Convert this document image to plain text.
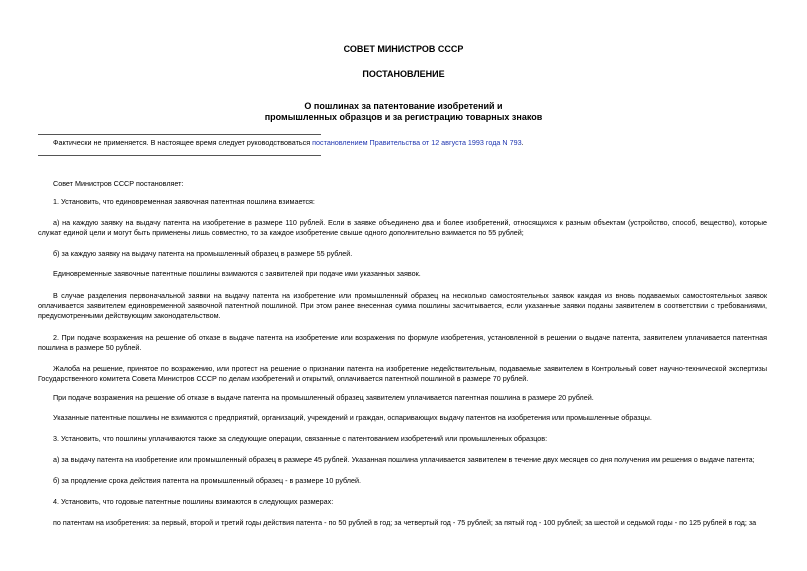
СОВЕТ МИНИСТРОВ СССР
ПОСТАНОВЛЕНИЕ
О пошлинах за патентование изобретений и
промышленных образцов и за регистрацию товарных знаков

Фактически не применяется. В настоящее время следует руководствоваться постановлением Правительства от 12 августа 1993 года N 793.

Совет Министров СССР постановляет:

1. Установить, что единовременная заявочная патентная пошлина взимается:

а) на каждую заявку на выдачу патента на изобретение в размере 110 рублей. Если в заявке объединено два и более изобретений, относящихся к разным объектам (устройство, способ, вещество), которые служат единой цели и могут быть применены лишь совместно, то за каждое изобретение свыше одного дополнительно взимается по 55 рублей;

б) за каждую заявку на выдачу патента на промышленный образец в размере 55 рублей.

Единовременные заявочные патентные пошлины взимаются с заявителей при подаче ими указанных заявок.

В случае разделения первоначальной заявки на выдачу патента на изобретение или промышленный образец на несколько самостоятельных заявок каждая из вновь подаваемых самостоятельных заявок оплачивается заявителем единовременной заявочной патентной пошлиной. При этом ранее внесенная сумма пошлины засчитывается, если указанные заявки поданы заявителем в соответствии с требованиями, предусмотренными действующим законодательством.

2. При подаче возражения на решение об отказе в выдаче патента на изобретение или возражения по формуле изобретения, установленной в решении о выдаче патента, заявителем уплачивается патентная пошлина в размере 50 рублей.

Жалоба на решение, принятое по возражению, или протест на решение о признании патента на изобретение недействительным, подаваемые заявителем в Контрольный совет научно-технической экспертизы Государственного комитета Совета Министров СССР по делам изобретений и открытий, оплачивается патентной пошлиной в размере 70 рублей.

При подаче возражения на решение об отказе в выдаче патента на промышленный образец заявителем уплачивается патентная пошлина в размере 20 рублей.

Указанные патентные пошлины не взимаются с предприятий, организаций, учреждений и граждан, оспаривающих выдачу патентов на изобретения или промышленные образцы.

3. Установить, что пошлины уплачиваются также за следующие операции, связанные с патентованием изобретений или промышленных образцов:

а) за выдачу патента на изобретение или промышленный образец в размере 45 рублей. Указанная пошлина уплачивается заявителем в течение двух месяцев со дня получения им решения о выдаче патента;

б) за продление срока действия патента на промышленный образец - в размере 10 рублей.

4. Установить, что годовые патентные пошлины взимаются в следующих размерах:

по патентам на изобретения: за первый, второй и третий годы действия патента - по 50 рублей в год; за четвертый год - 75 рублей; за пятый год - 100 рублей; за шестой и седьмой годы - по 125 рублей в год; за
